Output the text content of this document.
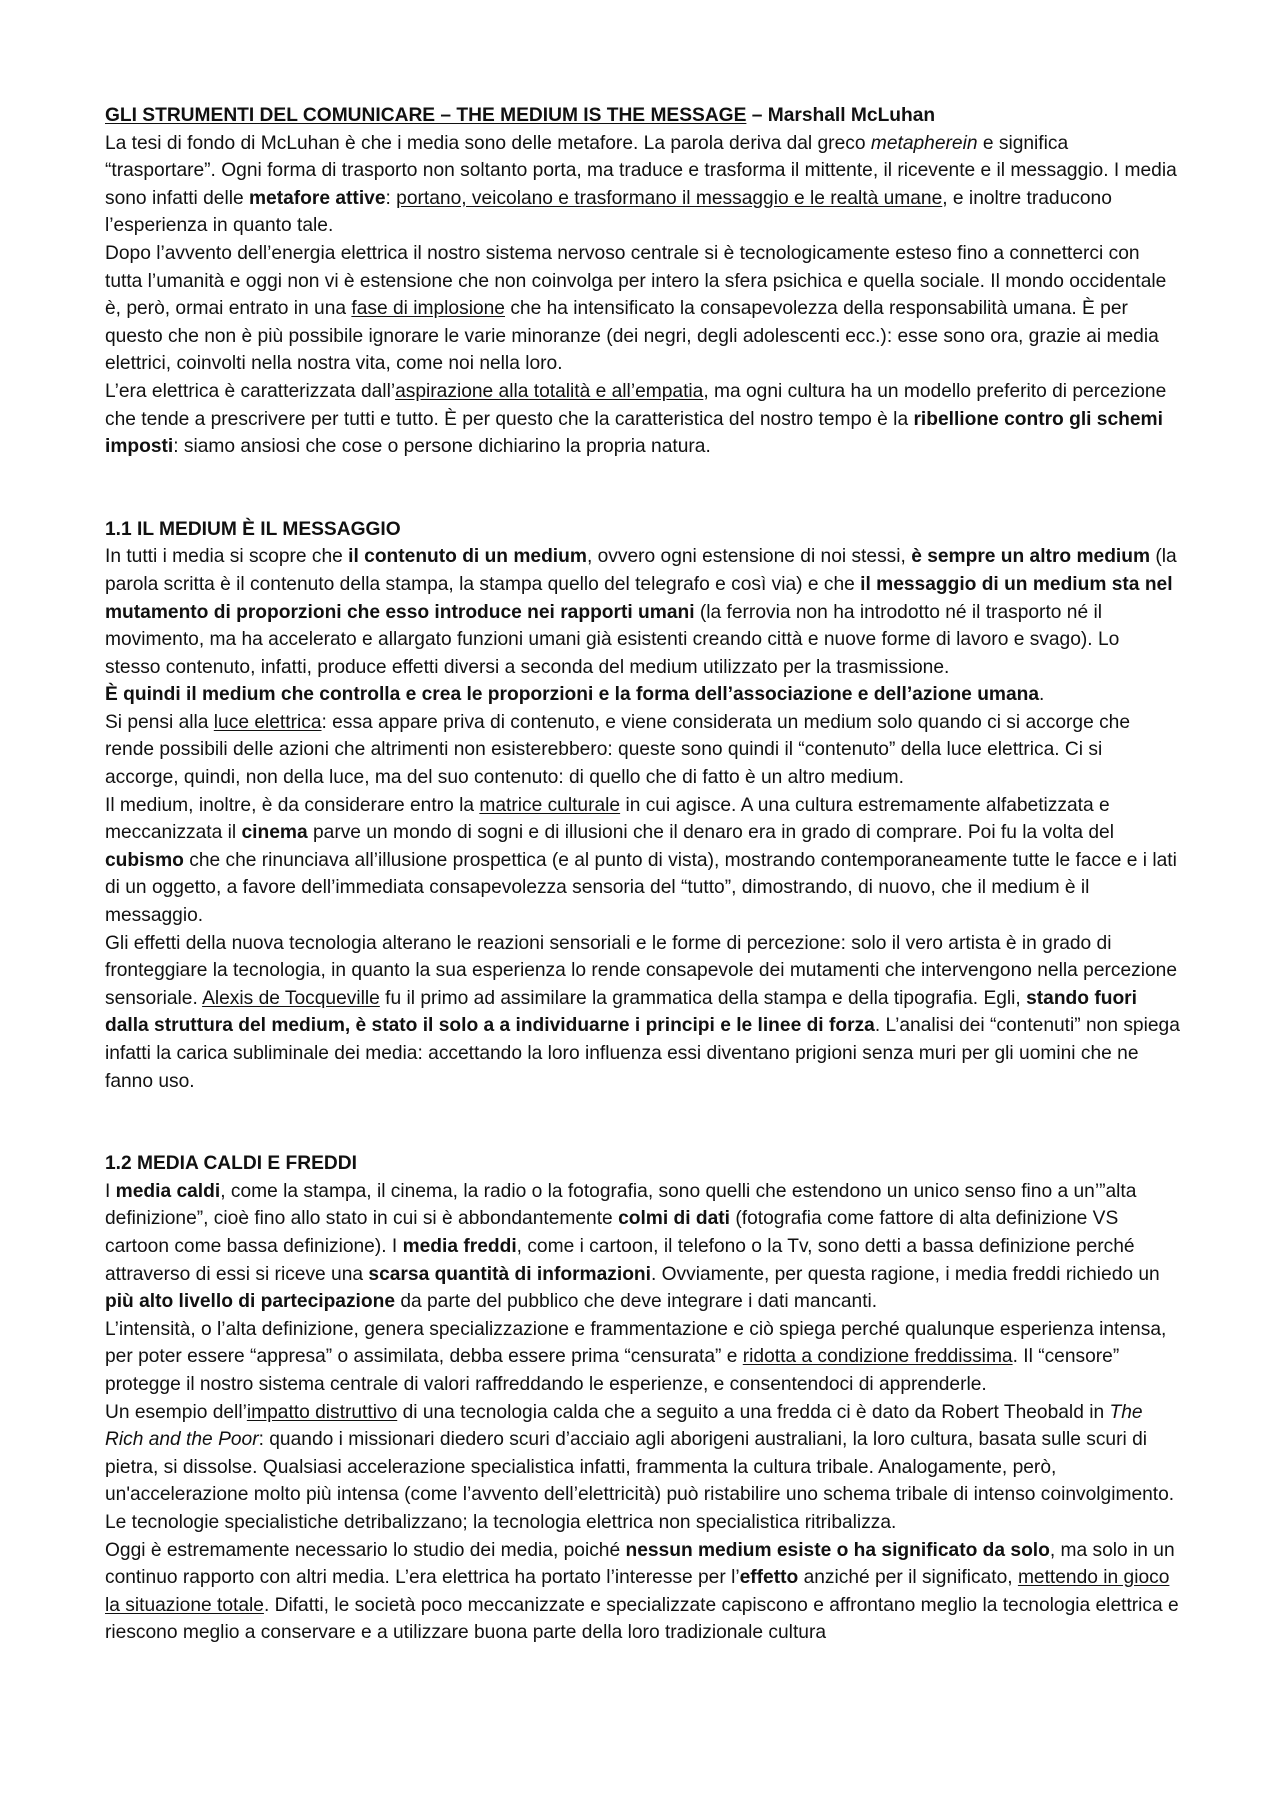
GLI STRUMENTI DEL COMUNICARE – THE MEDIUM IS THE MESSAGE – Marshall McLuhan

La tesi di fondo di McLuhan è che i media sono delle metafore. La parola deriva dal greco metapherein e significa “trasportare”. Ogni forma di trasporto non soltanto porta, ma traduce e trasforma il mittente, il ricevente e il messaggio. I media sono infatti delle metafore attive: portano, veicolano e trasformano il messaggio e le realtà umane, e inoltre traducono l’esperienza in quanto tale.

Dopo l’avvento dell’energia elettrica il nostro sistema nervoso centrale si è tecnologicamente esteso fino a connetterci con tutta l’umanità e oggi non vi è estensione che non coinvolga per intero la sfera psichica e quella sociale. Il mondo occidentale è, però, ormai entrato in una fase di implosione che ha intensificato la consapevolezza della responsabilità umana. È per questo che non è più possibile ignorare le varie minoranze (dei negri, degli adolescenti ecc.): esse sono ora, grazie ai media elettrici, coinvolti nella nostra vita, come noi nella loro.

L’era elettrica è caratterizzata dall’aspirazione alla totalità e all’empatia, ma ogni cultura ha un modello preferito di percezione che tende a prescrivere per tutti e tutto. È per questo che la caratteristica del nostro tempo è la ribellione contro gli schemi imposti: siamo ansiosi che cose o persone dichiarino la propria natura.

1.1 IL MEDIUM È IL MESSAGGIO

In tutti i media si scopre che il contenuto di un medium, ovvero ogni estensione di noi stessi, è sempre un altro medium (la parola scritta è il contenuto della stampa, la stampa quello del telegrafo e così via) e che il messaggio di un medium sta nel mutamento di proporzioni che esso introduce nei rapporti umani (la ferrovia non ha introdotto né il trasporto né il movimento, ma ha accelerato e allargato funzioni umani già esistenti creando città e nuove forme di lavoro e svago). Lo stesso contenuto, infatti, produce effetti diversi a seconda del medium utilizzato per la trasmissione.

È quindi il medium che controlla e crea le proporzioni e la forma dell’associazione e dell’azione umana.

Si pensi alla luce elettrica: essa appare priva di contenuto, e viene considerata un medium solo quando ci si accorge che rende possibili delle azioni che altrimenti non esisterebbero: queste sono quindi il “contenuto” della luce elettrica. Ci si accorge, quindi, non della luce, ma del suo contenuto: di quello che di fatto è un altro medium.

Il medium, inoltre, è da considerare entro la matrice culturale in cui agisce. A una cultura estremamente alfabetizzata e meccanizzata il cinema parve un mondo di sogni e di illusioni che il denaro era in grado di comprare. Poi fu la volta del cubismo che che rinunciava all’illusione prospettica (e al punto di vista), mostrando contemporaneamente tutte le facce e i lati di un oggetto, a favore dell’immediata consapevolezza sensoria del “tutto”, dimostrando, di nuovo, che il medium è il messaggio.

Gli effetti della nuova tecnologia alterano le reazioni sensoriali e le forme di percezione: solo il vero artista è in grado di fronteggiare la tecnologia, in quanto la sua esperienza lo rende consapevole dei mutamenti che intervengono nella percezione sensoriale. Alexis de Tocqueville fu il primo ad assimilare la grammatica della stampa e della tipografia. Egli, stando fuori dalla struttura del medium, è stato il solo a a individuarne i principi e le linee di forza. L’analisi dei “contenuti” non spiega infatti la carica subliminale dei media: accettando la loro influenza essi diventano prigioni senza muri per gli uomini che ne fanno uso.

1.2 MEDIA CALDI E FREDDI

I media caldi, come la stampa, il cinema, la radio o la fotografia, sono quelli che estendono un unico senso fino a un’”alta definizione”, cioè fino allo stato in cui si è abbondantemente colmi di dati (fotografia come fattore di alta definizione VS cartoon come bassa definizione). I media freddi, come i cartoon, il telefono o la Tv, sono detti a bassa definizione perché attraverso di essi si riceve una scarsa quantità di informazioni. Ovviamente, per questa ragione, i media freddi richiedo un più alto livello di partecipazione da parte del pubblico che deve integrare i dati mancanti.

L’intensità, o l’alta definizione, genera specializzazione e frammentazione e ciò spiega perché qualunque esperienza intensa, per poter essere “appresa” o assimilata, debba essere prima “censurata” e ridotta a condizione freddissima. Il “censore” protegge il nostro sistema centrale di valori raffreddando le esperienze, e consentendoci di apprenderle.

Un esempio dell’impatto distruttivo di una tecnologia calda che a seguito a una fredda ci è dato da Robert Theobald in The Rich and the Poor: quando i missionari diedero scuri d’acciaio agli aborigeni australiani, la loro cultura, basata sulle scuri di pietra, si dissolse. Qualsiasi accelerazione specialistica infatti, frammenta la cultura tribale. Analogamente, però, un'accelerazione molto più intensa (come l’avvento dell’elettricità) può ristabilire uno schema tribale di intenso coinvolgimento. Le tecnologie specialistiche detribalizzano; la tecnologia elettrica non specialistica ritribalizza.

Oggi è estremamente necessario lo studio dei media, poiché nessun medium esiste o ha significato da solo, ma solo in un continuo rapporto con altri media. L’era elettrica ha portato l’interesse per l’effetto anziché per il significato, mettendo in gioco la situazione totale. Difatti, le società poco meccanizzate e specializzate capiscono e affrontano meglio la tecnologia elettrica e riescono meglio a conservare e a utilizzare buona parte della loro tradizionale cultura
